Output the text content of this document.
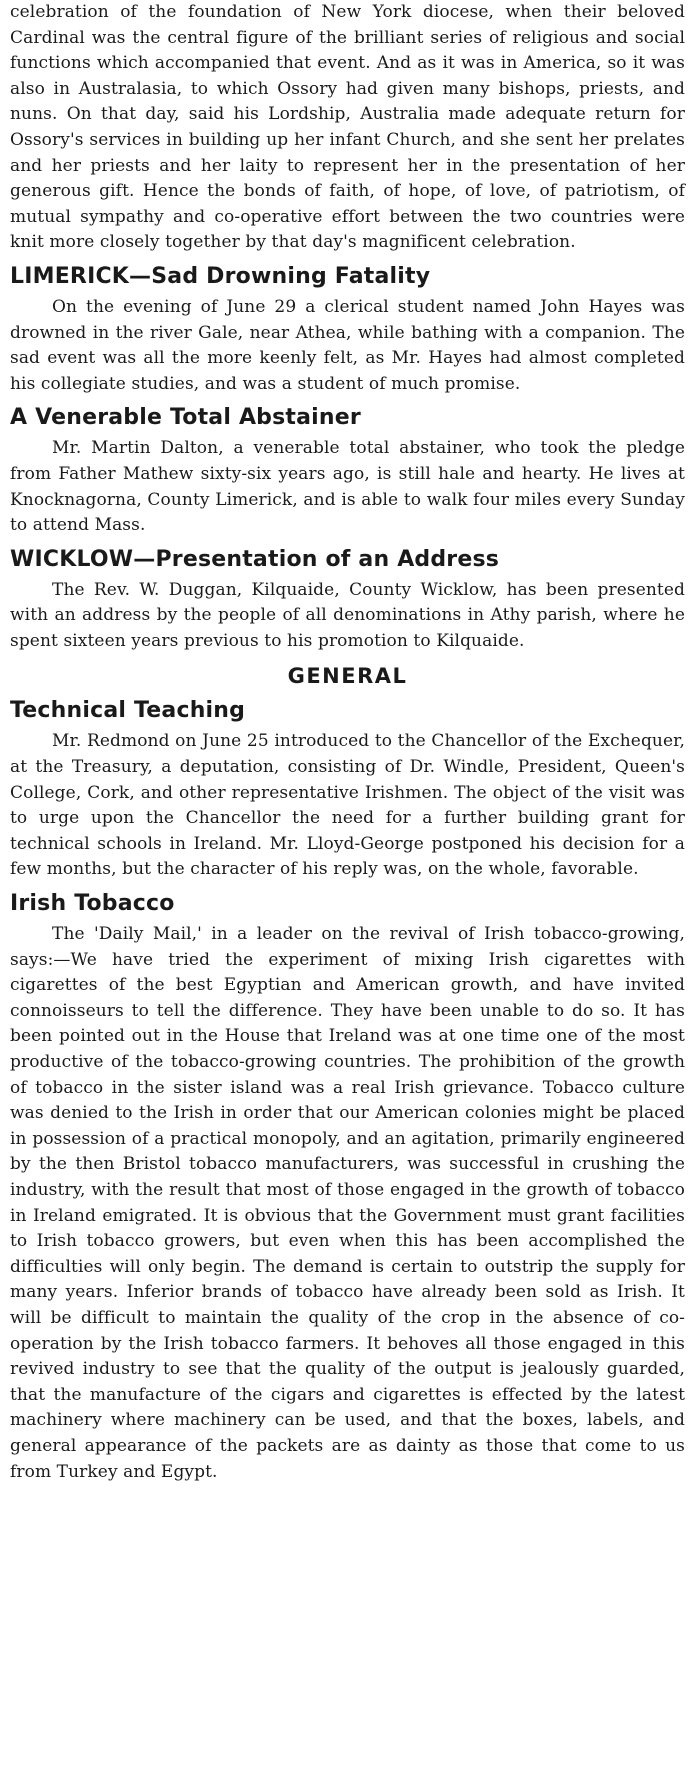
celebration of the foundation of New York diocese, when their beloved Cardinal was the central figure of the brilliant series of religious and social functions which accompanied that event. And as it was in America, so it was also in Australasia, to which Ossory had given many bishops, priests, and nuns. On that day, said his Lordship, Australia made adequate return for Ossory's services in building up her infant Church, and she sent her prelates and her priests and her laity to represent her in the presentation of her generous gift. Hence the bonds of faith, of hope, of love, of patriotism, of mutual sympathy and co-operative effort between the two countries were knit more closely together by that day's magnificent celebration.

LIMERICK—Sad Drowning Fatality

On the evening of June 29 a clerical student named John Hayes was drowned in the river Gale, near Athea, while bathing with a companion. The sad event was all the more keenly felt, as Mr. Hayes had almost completed his collegiate studies, and was a student of much promise.

A Venerable Total Abstainer

Mr. Martin Dalton, a venerable total abstainer, who took the pledge from Father Mathew sixty-six years ago, is still hale and hearty. He lives at Knocknagorna, County Limerick, and is able to walk four miles every Sunday to attend Mass.

WICKLOW—Presentation of an Address

The Rev. W. Duggan, Kilquaide, County Wicklow, has been presented with an address by the people of all denominations in Athy parish, where he spent sixteen years previous to his promotion to Kilquaide.

GENERAL
Technical Teaching

Mr. Redmond on June 25 introduced to the Chancellor of the Exchequer, at the Treasury, a deputation, consisting of Dr. Windle, President, Queen's College, Cork, and other representative Irishmen. The object of the visit was to urge upon the Chancellor the need for a further building grant for technical schools in Ireland. Mr. Lloyd-George postponed his decision for a few months, but the character of his reply was, on the whole, favorable.

Irish Tobacco

The 'Daily Mail,' in a leader on the revival of Irish tobacco-growing, says:—We have tried the experiment of mixing Irish cigarettes with cigarettes of the best Egyptian and American growth, and have invited connoisseurs to tell the difference. They have been unable to do so. It has been pointed out in the House that Ireland was at one time one of the most productive of the tobacco-growing countries. The prohibition of the growth of tobacco in the sister island was a real Irish grievance. Tobacco culture was denied to the Irish in order that our American colonies might be placed in possession of a practical monopoly, and an agitation, primarily engineered by the then Bristol tobacco manufacturers, was successful in crushing the industry, with the result that most of those engaged in the growth of tobacco in Ireland emigrated. It is obvious that the Government must grant facilities to Irish tobacco growers, but even when this has been accomplished the difficulties will only begin. The demand is certain to outstrip the supply for many years. Inferior brands of tobacco have already been sold as Irish. It will be difficult to maintain the quality of the crop in the absence of co-operation by the Irish tobacco farmers. It behoves all those engaged in this revived industry to see that the quality of the output is jealously guarded, that the manufacture of the cigars and cigarettes is effected by the latest machinery where machinery can be used, and that the boxes, labels, and general appearance of the packets are as dainty as those that come to us from Turkey and Egypt.
